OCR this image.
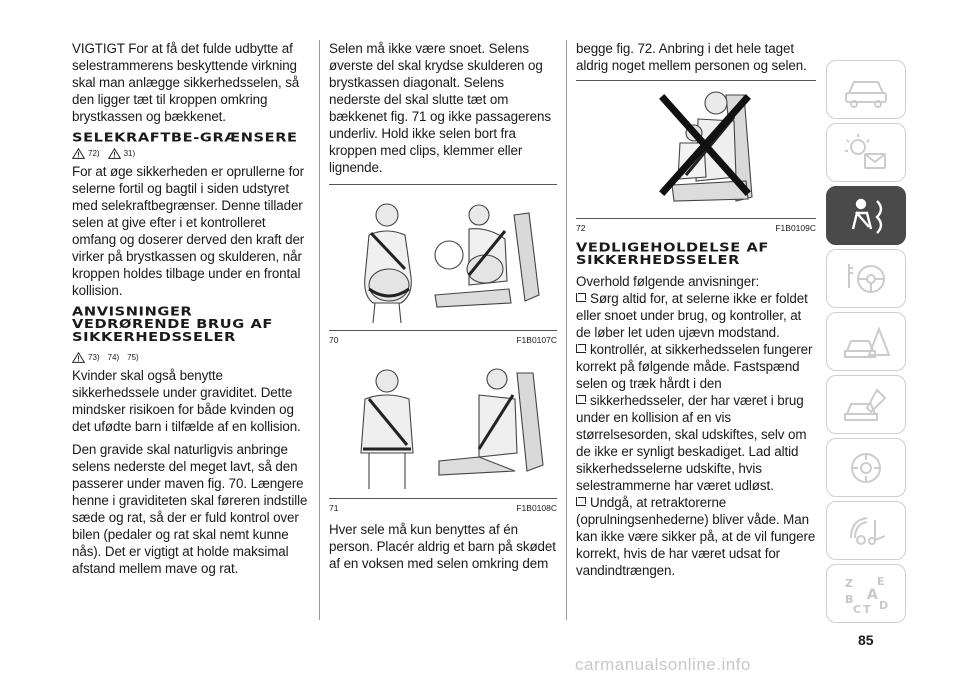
VIGTIGT For at få det fulde udbytte af selestrammerens beskyttende virkning skal man anlægge sikkerhedsselen, så den ligger tæt til kroppen omkring brystkassen og bækkenet.

SELEKRAFTBE-GRÆNSERE
72)	31)

For at øge sikkerheden er oprullerne for selerne fortil og bagtil i siden udstyret med selekraftbegrænser. Denne tillader selen at give efter i et kontrolleret omfang og doserer derved den kraft der virker på brystkassen og skulderen, når kroppen holdes tilbage under en frontal kollision.

ANVISNINGER VEDRØRENDE BRUG AF SIKKERHEDSSELER
73) 74) 75)

Kvinder skal også benytte sikkerhedssele under graviditet. Dette mindsker risikoen for både kvinden og det ufødte barn i tilfælde af en kollision.

Den gravide skal naturligvis anbringe selens nederste del meget lavt, så den passerer under maven fig. 70. Længere henne i graviditeten skal føreren indstille sæde og rat, så der er fuld kontrol over bilen (pedaler og rat skal nemt kunne nås). Det er vigtigt at holde maksimal afstand mellem mave og rat.

Selen må ikke være snoet. Selens øverste del skal krydse skulderen og brystkassen diagonalt. Selens nederste del skal slutte tæt om bækkenet fig. 71 og ikke passagerens underliv. Hold ikke selen bort fra kroppen med clips, klemmer eller lignende.

70	F1B0107C
71	F1B0108C

Hver sele må kun benyttes af én person. Placér aldrig et barn på skødet af en voksen med selen omkring dem

begge fig. 72. Anbring i det hele taget aldrig noget mellem personen og selen.

72	F1B0109C
VEDLIGEHOLDELSE AF SIKKERHEDSSELER

Overhold følgende anvisninger:

Sørg altid for, at selerne ikke er foldet eller snoet under brug, og kontroller, at de løber let uden ujævn modstand.

kontrollér, at sikkerhedsselen fungerer korrekt på følgende måde. Fastspænd selen og træk hårdt i den

sikkerhedsseler, der har været i brug under en kollision af en vis størrelsesorden, skal udskiftes, selv om de ikke er synligt beskadiget. Lad altid sikkerhedsselerne udskifte, hvis selestrammerne har været udløst.

Undgå, at retraktorerne (oprulningsenhederne) bliver våde. Man kan ikke være sikker på, at de vil fungere korrekt, hvis de har været udsat for vandindtrængen.

Z E
B A
C T D
85
carmanualsonline.info
